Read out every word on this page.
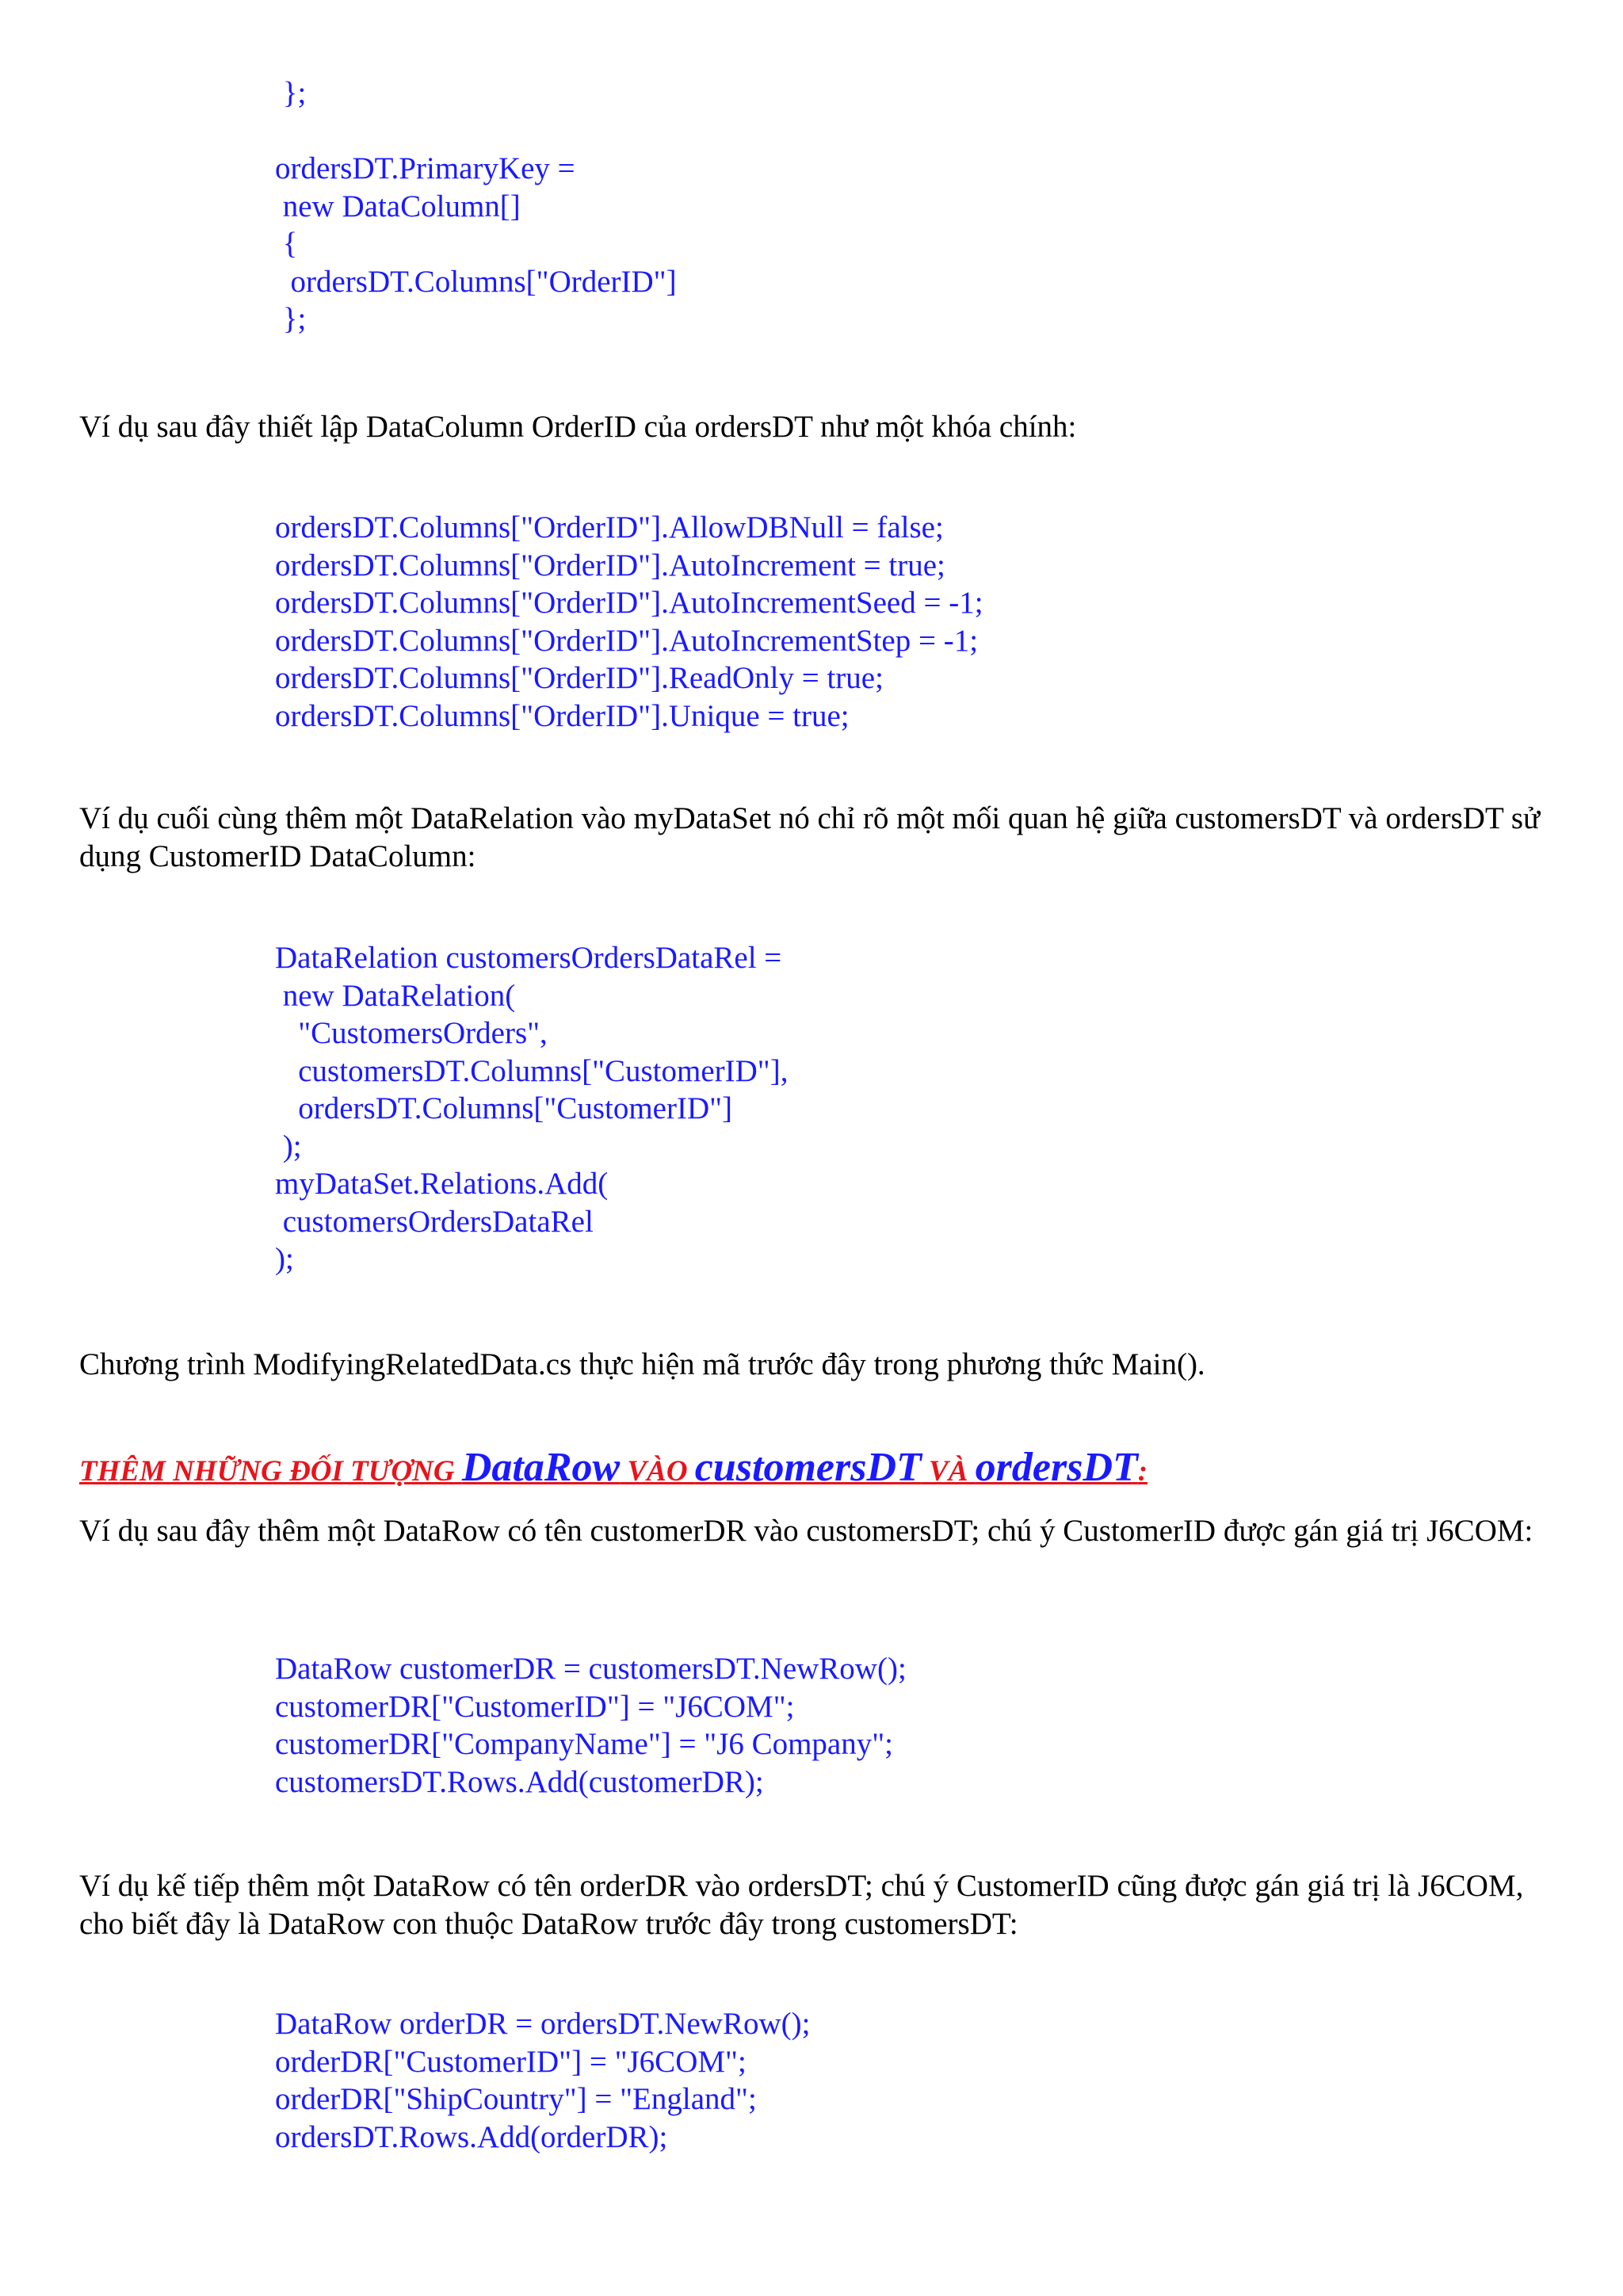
};

ordersDT.PrimaryKey =
new DataColumn[]
{
ordersDT.Columns["OrderID"]
};

Ví dụ sau đây thiết lập DataColumn OrderID của ordersDT như một khóa chính:

ordersDT.Columns["OrderID"].AllowDBNull = false;
ordersDT.Columns["OrderID"].AutoIncrement = true;
ordersDT.Columns["OrderID"].AutoIncrementSeed = -1;
ordersDT.Columns["OrderID"].AutoIncrementStep = -1;
ordersDT.Columns["OrderID"].ReadOnly = true;
ordersDT.Columns["OrderID"].Unique = true;

Ví dụ cuối cùng thêm một DataRelation vào myDataSet nó chỉ rõ một mối quan hệ giữa customersDT và ordersDT sử dụng CustomerID DataColumn:

DataRelation customersOrdersDataRel =
new DataRelation(
"CustomersOrders",
customersDT.Columns["CustomerID"],
ordersDT.Columns["CustomerID"]
);
myDataSet.Relations.Add(
customersOrdersDataRel
);

Chương trình ModifyingRelatedData.cs thực hiện mã trước đây trong phương thức Main().

THÊM NHỮNG ĐỐI TƯỢNG DataRow VÀO customersDT VÀ ordersDT:

Ví dụ sau đây thêm một DataRow có tên customerDR vào customersDT; chú ý CustomerID được gán giá trị J6COM:

DataRow customerDR = customersDT.NewRow();
customerDR["CustomerID"] = "J6COM";
customerDR["CompanyName"] = "J6 Company";
customersDT.Rows.Add(customerDR);

Ví dụ kế tiếp thêm một DataRow có tên orderDR vào ordersDT; chú ý CustomerID cũng được gán giá trị là J6COM, cho biết đây là DataRow con thuộc DataRow trước đây trong customersDT:

DataRow orderDR = ordersDT.NewRow();
orderDR["CustomerID"] = "J6COM";
orderDR["ShipCountry"] = "England";
ordersDT.Rows.Add(orderDR);
